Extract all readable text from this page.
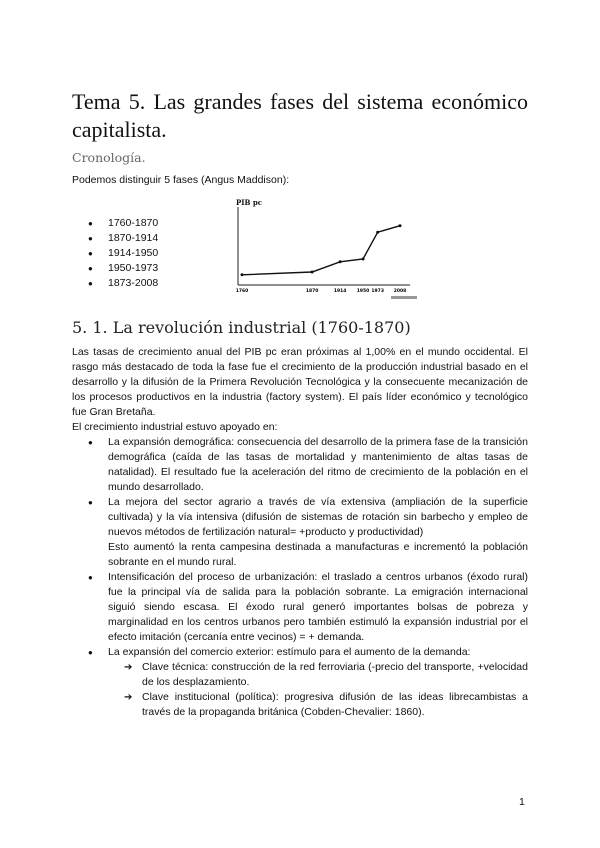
Tema 5. Las grandes fases del sistema económico capitalista.
Cronología.

Podemos distinguir 5 fases (Angus Maddison):

● 1760-1870
● 1870-1914
● 1914-1950
● 1950-1973
● 1873-2008
PIB pc
1760	1870	1914 1950 1973 2008
5. 1. La revolución industrial (1760-1870)

Las tasas de crecimiento anual del PIB pc eran próximas al 1,00% en el mundo occidental. El rasgo más destacado de toda la fase fue el crecimiento de la producción industrial basado en el desarrollo y la difusión de la Primera Revolución Tecnológica y la consecuente mecanización de los procesos productivos en la industria (factory system). El país líder económico y tecnológico fue Gran Bretaña.

El crecimiento industrial estuvo apoyado en:

● La expansión demográfica: consecuencia del desarrollo de la primera fase de la transición demográfica (caída de las tasas de mortalidad y mantenimiento de altas tasas de natalidad). El resultado fue la aceleración del ritmo de crecimiento de la población en el mundo desarrollado.

● La mejora del sector agrario a través de vía extensiva (ampliación de la superficie cultivada) y la vía intensiva (difusión de sistemas de rotación sin barbecho y empleo de nuevos métodos de fertilización natural= +producto y productividad)

Esto aumentó la renta campesina destinada a manufacturas e incrementó la población sobrante en el mundo rural.

● Intensificación del proceso de urbanización: el traslado a centros urbanos (éxodo rural) fue la principal vía de salida para la población sobrante. La emigración internacional siguió siendo escasa. El éxodo rural generó importantes bolsas de pobreza y marginalidad en los centros urbanos pero también estimuló la expansión industrial por el efecto imitación (cercanía entre vecinos) = + demanda.

● La expansión del comercio exterior: estímulo para el aumento de la demanda:

➔ Clave técnica: construcción de la red ferroviaria (-precio del transporte, +velocidad de los desplazamiento.
➔ Clave institucional (política): progresiva difusión de las ideas librecambistas a través de la propaganda británica (Cobden-Chevalier: 1860).
1
